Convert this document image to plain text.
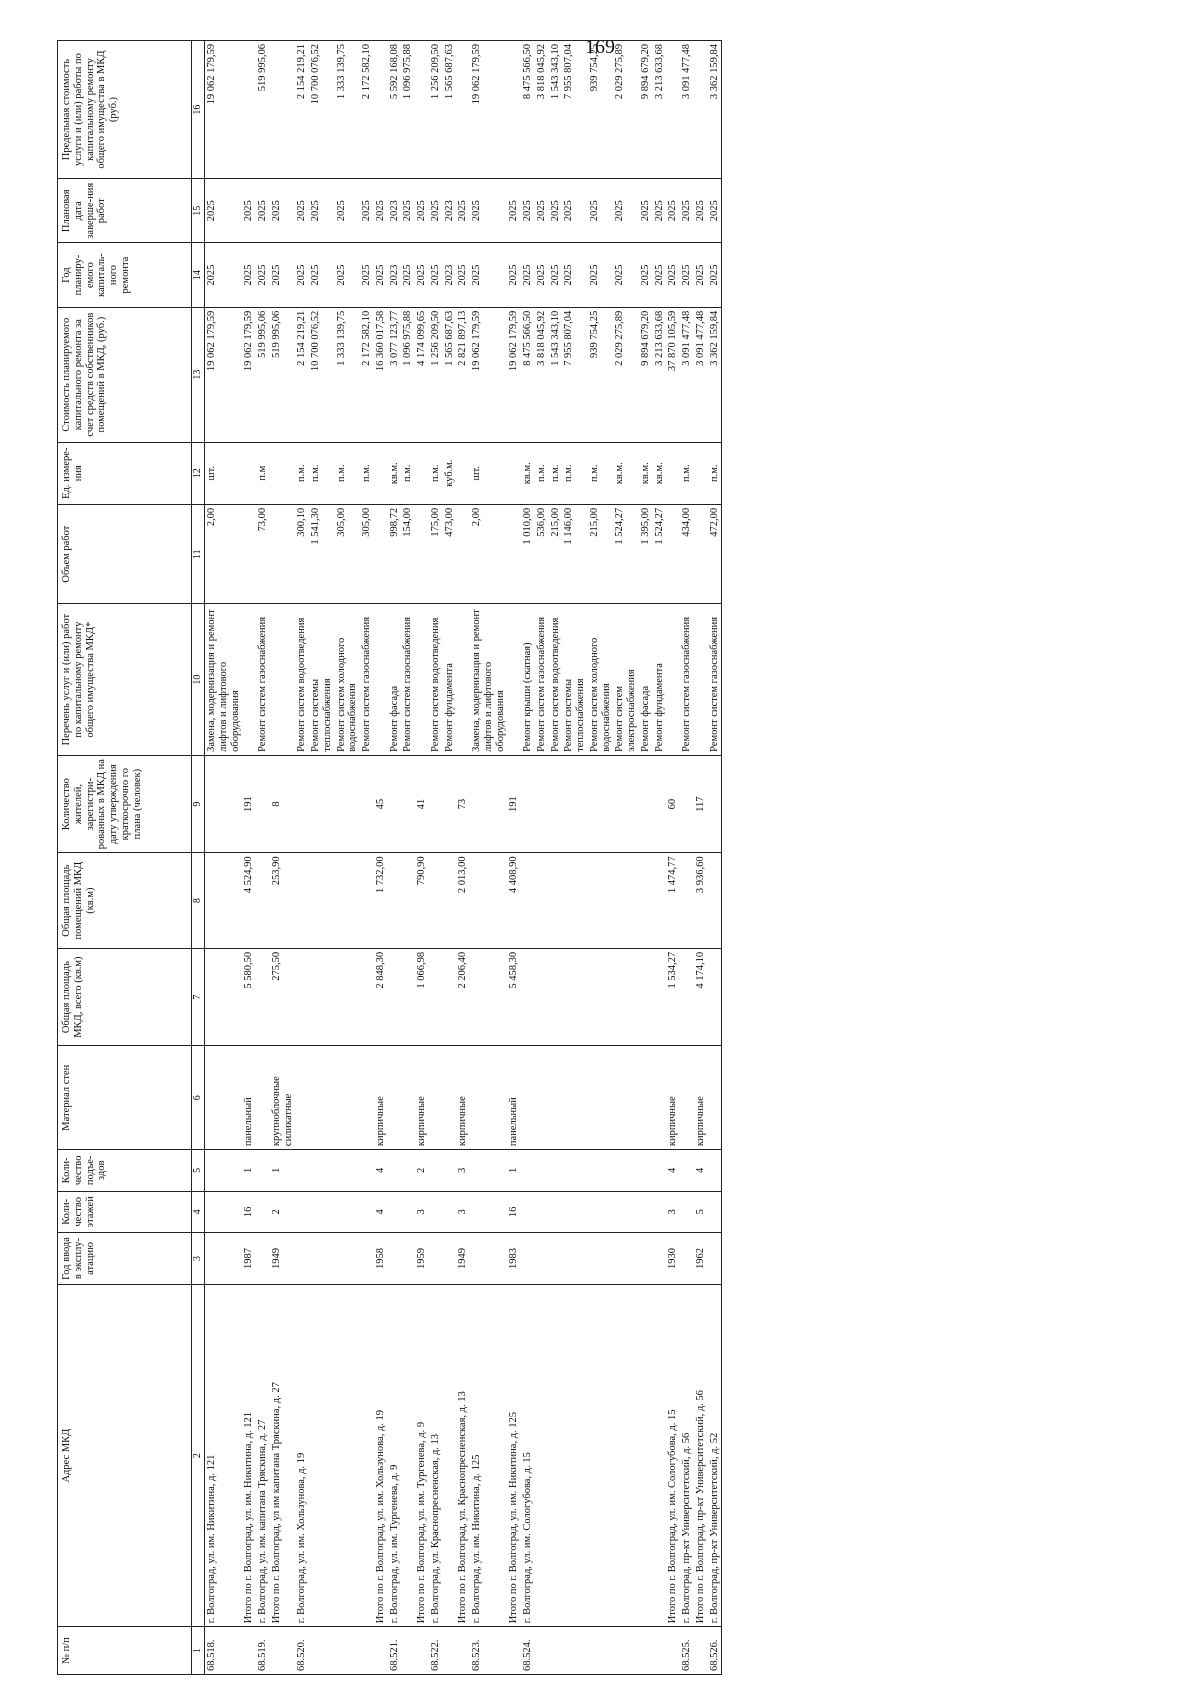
169
№ п/п	Адрес МКД	Год ввода в эксплу-атацию	Коли-чество этажей	Коли-чество подъе-здов	Материал стен	Общая площадь МКД, всего (кв.м)	Общая площадь помещений МКД (кв.м)	Количество жителей, зарегистри-рованных в МКД на дату утверждения краткосрочно го плана (человек)	Перечень услуг и (или) работ по капитальному ремонту общего имущества МКД*	Объем работ	Ед. измере-ния	Стоимость планируемого капитального ремонта за счет средств собственников помещений в МКД, (руб.)	Год планиру-емого капиталь-ного ремонта	Плановая дата заверше-ния работ	Предельная стоимость услуги и (или) работы по капитальному ремонту общего имущества в МКД (руб.)
1	2	3	4	5	6	7	8	9	10	11	12	13	14	15	16
68.518.	г. Волгоград, ул. им. Никитина, д. 121								Замена, модернизация и ремонт лифтов и лифтового оборудования	2,00	шт.	19 062 179,59	2025	2025	19 062 179,59
	Итого по г. Волгоград, ул. им. Никитина, д. 121	1987	16	1	панельный	5 580,50	4 524,90	191				19 062 179,59	2025	2025	
68.519.	г. Волгоград, ул. им. капитана Тряскина, д. 27								Ремонт систем газоснабжения	73,00	п.м	519 995,06	2025	2025	519 995,06
	Итого по г. Волгоград, ул им капитана Тряскина, д. 27	1949	2	1	крупноблочные силикатные	275,50	253,90	8				519 995,06	2025	2025	
68.520.	г. Волгоград, ул. им. Хользунова, д. 19								Ремонт систем водоотведения	300,10	п.м.	2 154 219,21	2025	2025	2 154 219,21
									Ремонт системы теплоснабжения	1 541,30	п.м.	10 700 076,52	2025	2025	10 700 076,52
									Ремонт систем холодного водоснабжения	305,00	п.м.	1 333 139,75	2025	2025	1 333 139,75
									Ремонт систем газоснабжения	305,00	п.м.	2 172 582,10	2025	2025	2 172 582,10
	Итого по г. Волгоград, ул. им. Хользунова, д. 19	1958	4	4	кирпичные	2 848,30	1 732,00	45				16 360 017,58	2025	2025	
68.521.	г. Волгоград, ул. им. Тургенева, д. 9								Ремонт фасада	998,72	кв.м.	3 077 123,77	2023	2023	5 592 168,08
									Ремонт систем газоснабжения	154,00	п.м.	1 096 975,88	2025	2025	1 096 975,88
	Итого по г. Волгоград, ул. им. Тургенева, д. 9	1959	3	2	кирпичные	1 066,98	790,90	41				4 174 099,65	2025	2025	
68.522.	г. Волгоград, ул. Краснопресненская, д. 13								Ремонт систем водоотведения	175,00	п.м.	1 256 209,50	2025	2025	1 256 209,50
									Ремонт фундамента	473,00	куб.м.	1 565 687,63	2023	2023	1 565 687,63
	Итого по г. Волгоград, ул. Краснопресненская, д. 13	1949	3	3	кирпичные	2 206,40	2 013,00	73				2 821 897,13	2025	2025	
68.523.	г. Волгоград, ул. им. Никитина, д. 125								Замена, модернизация и ремонт лифтов и лифтового оборудования	2,00	шт.	19 062 179,59	2025	2025	19 062 179,59
	Итого по г. Волгоград, ул. им. Никитина, д. 125	1983	16	1	панельный	5 458,30	4 408,90	191				19 062 179,59	2025	2025	
68.524.	г. Волгоград, ул. им. Сологубова, д. 15								Ремонт крыши (скатная)	1 010,00	кв.м.	8 475 566,50	2025	2025	8 475 566,50
									Ремонт систем газоснабжения	536,00	п.м.	3 818 045,92	2025	2025	3 818 045,92
									Ремонт систем водоотведения	215,00	п.м.	1 543 343,10	2025	2025	1 543 343,10
									Ремонт системы теплоснабжения	1 146,00	п.м.	7 955 807,04	2025	2025	7 955 807,04
									Ремонт систем холодного водоснабжения	215,00	п.м.	939 754,25	2025	2025	939 754,25
									Ремонт систем электроснабжения	1 524,27	кв.м.	2 029 275,89	2025	2025	2 029 275,89
									Ремонт фасада	1 395,00	кв.м.	9 894 679,20	2025	2025	9 894 679,20
									Ремонт фундамента	1 524,27	кв.м.	3 213 633,68	2025	2025	3 213 633,68
	Итого по г. Волгоград, ул. им. Сологубова, д. 15	1930	3	4	кирпичные	1 534,27	1 474,77	60				37 870 105,59	2025	2025	
68.525.	г. Волгоград, пр-кт Университетский, д. 56								Ремонт систем газоснабжения	434,00	п.м.	3 091 477,48	2025	2025	3 091 477,48
	Итого по г. Волгоград, пр-кт Университетский, д. 56	1962	5	4	кирпичные	4 174,10	3 936,60	117				3 091 477,48	2025	2025	
68.526.	г. Волгоград, пр-кт Университетский, д. 52								Ремонт систем газоснабжения	472,00	п.м.	3 362 159,84	2025	2025	3 362 159,84
